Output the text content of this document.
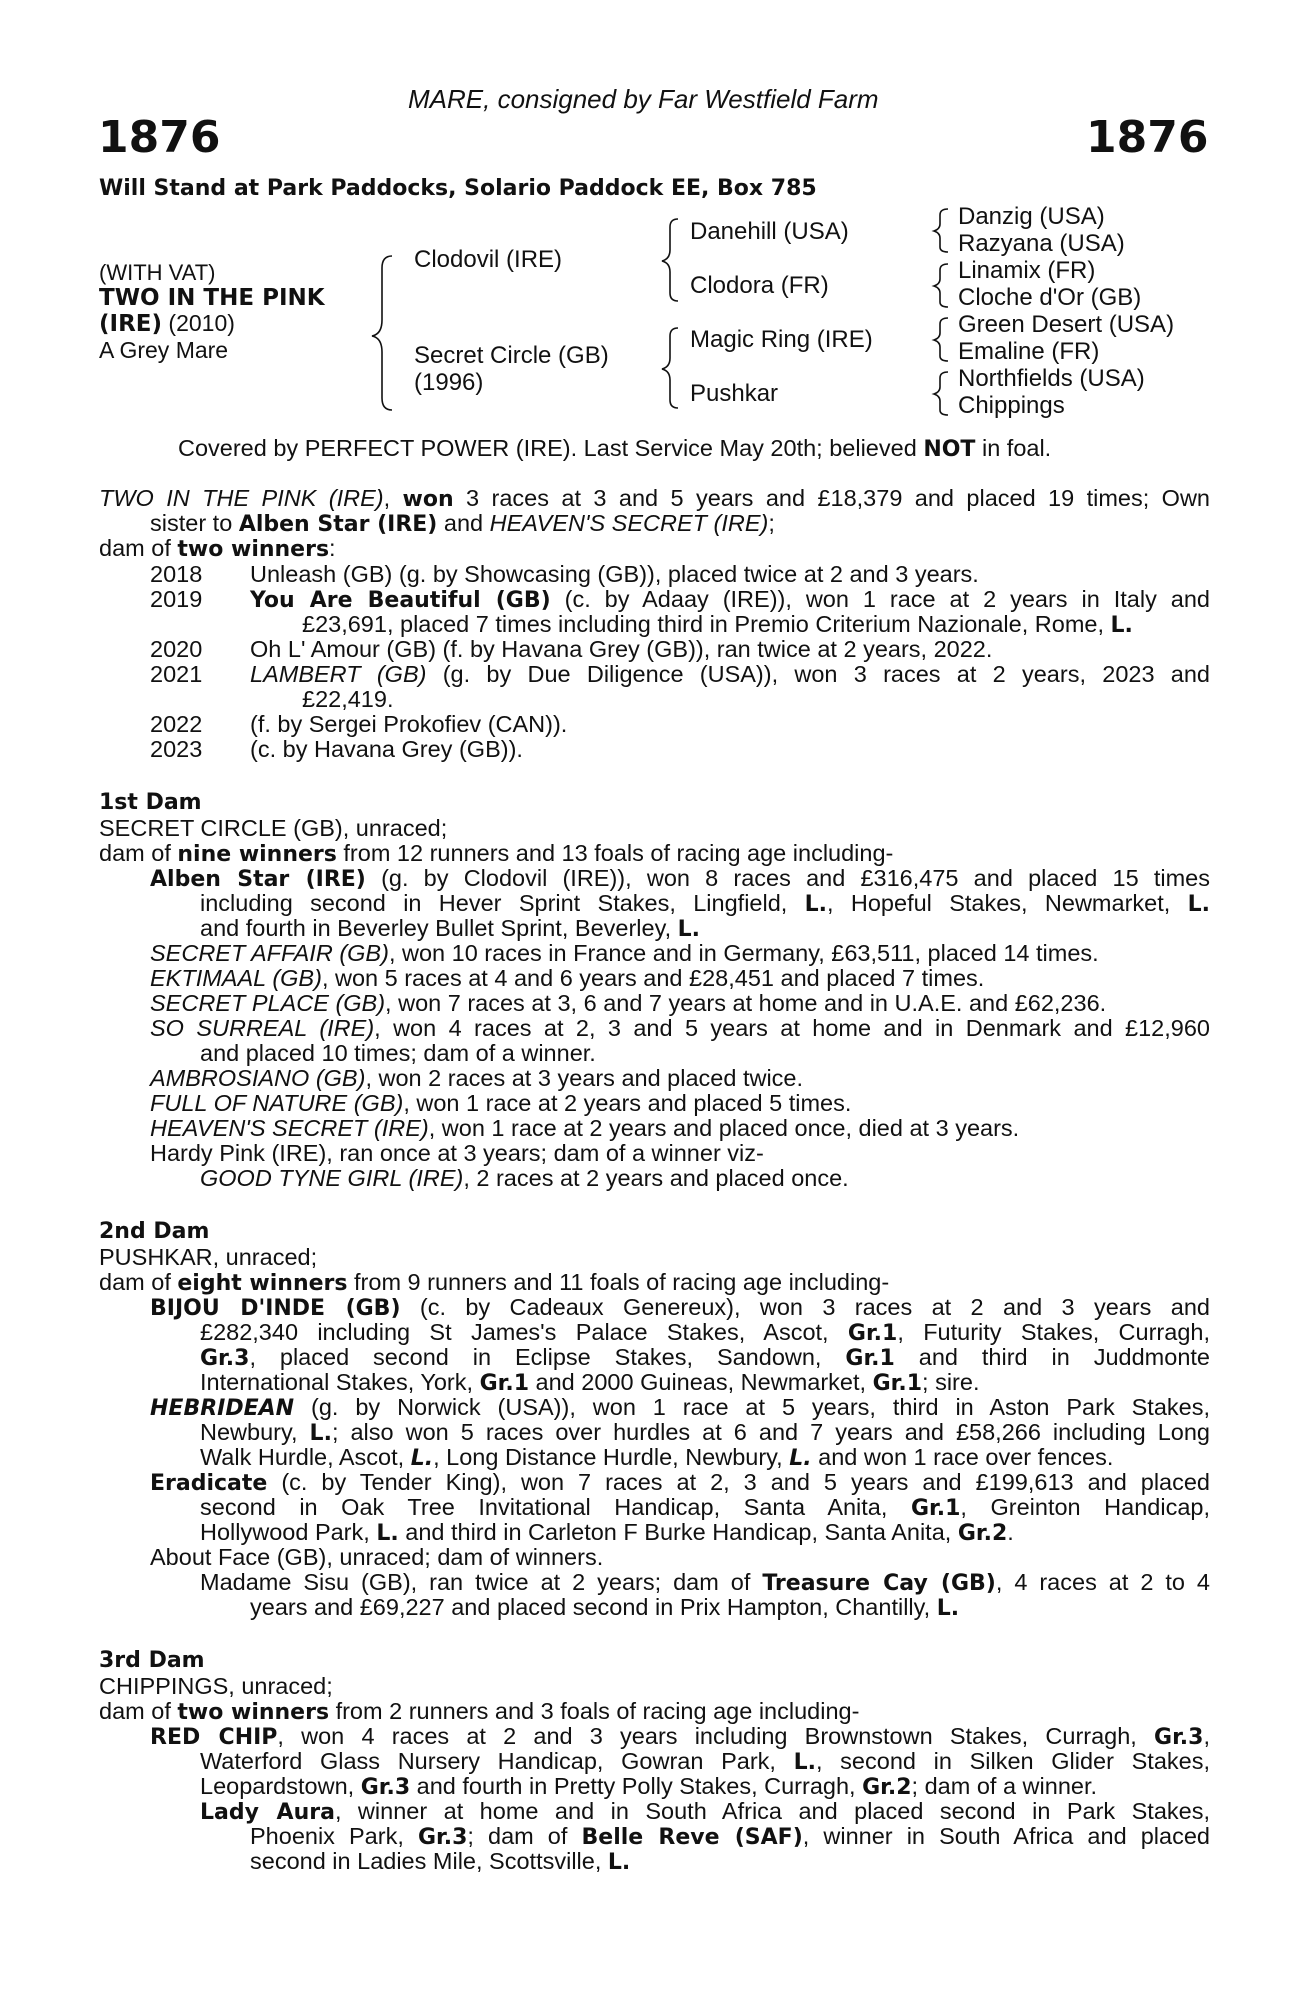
MARE, consigned by Far Westfield Farm
1876	1876
Will Stand at Park Paddocks, Solario Paddock EE, Box 785
(WITH VAT)
TWO IN THE PINK
(IRE) (2010)
A Grey Mare
Clodovil (IRE)
Secret Circle (GB)
(1996)
Danehill (USA)
Clodora (FR)
Magic Ring (IRE)
Pushkar
Danzig (USA)
Razyana (USA)
Linamix (FR)
Cloche d'Or (GB)
Green Desert (USA)
Emaline (FR)
Northfields (USA)
Chippings
Covered by PERFECT POWER (IRE). Last Service May 20th; believed NOT in foal.
TWO IN THE PINK (IRE), won 3 races at 3 and 5 years and £18,379 and placed 19 times; Own
sister to Alben Star (IRE) and HEAVEN'S SECRET (IRE);
dam of two winners:
2018 Unleash (GB) (g. by Showcasing (GB)), placed twice at 2 and 3 years.
2019 You Are Beautiful (GB) (c. by Adaay (IRE)), won 1 race at 2 years in Italy and
£23,691, placed 7 times including third in Premio Criterium Nazionale, Rome, L.
2020 Oh L' Amour (GB) (f. by Havana Grey (GB)), ran twice at 2 years, 2022.
2021 LAMBERT (GB) (g. by Due Diligence (USA)), won 3 races at 2 years, 2023 and
£22,419.
2022 (f. by Sergei Prokofiev (CAN)).
2023 (c. by Havana Grey (GB)).
1st Dam
SECRET CIRCLE (GB), unraced;
dam of nine winners from 12 runners and 13 foals of racing age including-
Alben Star (IRE) (g. by Clodovil (IRE)), won 8 races and £316,475 and placed 15 times
including second in Hever Sprint Stakes, Lingfield, L., Hopeful Stakes, Newmarket, L.
and fourth in Beverley Bullet Sprint, Beverley, L.
SECRET AFFAIR (GB), won 10 races in France and in Germany, £63,511, placed 14 times.
EKTIMAAL (GB), won 5 races at 4 and 6 years and £28,451 and placed 7 times.
SECRET PLACE (GB), won 7 races at 3, 6 and 7 years at home and in U.A.E. and £62,236.
SO SURREAL (IRE), won 4 races at 2, 3 and 5 years at home and in Denmark and £12,960
and placed 10 times; dam of a winner.
AMBROSIANO (GB), won 2 races at 3 years and placed twice.
FULL OF NATURE (GB), won 1 race at 2 years and placed 5 times.
HEAVEN'S SECRET (IRE), won 1 race at 2 years and placed once, died at 3 years.
Hardy Pink (IRE), ran once at 3 years; dam of a winner viz-
GOOD TYNE GIRL (IRE), 2 races at 2 years and placed once.
2nd Dam
PUSHKAR, unraced;
dam of eight winners from 9 runners and 11 foals of racing age including-
BIJOU D'INDE (GB) (c. by Cadeaux Genereux), won 3 races at 2 and 3 years and
£282,340 including St James's Palace Stakes, Ascot, Gr.1, Futurity Stakes, Curragh,
Gr.3, placed second in Eclipse Stakes, Sandown, Gr.1 and third in Juddmonte
International Stakes, York, Gr.1 and 2000 Guineas, Newmarket, Gr.1; sire.
HEBRIDEAN (g. by Norwick (USA)), won 1 race at 5 years, third in Aston Park Stakes,
Newbury, L.; also won 5 races over hurdles at 6 and 7 years and £58,266 including Long
Walk Hurdle, Ascot, L., Long Distance Hurdle, Newbury, L. and won 1 race over fences.
Eradicate (c. by Tender King), won 7 races at 2, 3 and 5 years and £199,613 and placed
second in Oak Tree Invitational Handicap, Santa Anita, Gr.1, Greinton Handicap,
Hollywood Park, L. and third in Carleton F Burke Handicap, Santa Anita, Gr.2.
About Face (GB), unraced; dam of winners.
Madame Sisu (GB), ran twice at 2 years; dam of Treasure Cay (GB), 4 races at 2 to 4
years and £69,227 and placed second in Prix Hampton, Chantilly, L.
3rd Dam
CHIPPINGS, unraced;
dam of two winners from 2 runners and 3 foals of racing age including-
RED CHIP, won 4 races at 2 and 3 years including Brownstown Stakes, Curragh, Gr.3,
Waterford Glass Nursery Handicap, Gowran Park, L., second in Silken Glider Stakes,
Leopardstown, Gr.3 and fourth in Pretty Polly Stakes, Curragh, Gr.2; dam of a winner.
Lady Aura, winner at home and in South Africa and placed second in Park Stakes,
Phoenix Park, Gr.3; dam of Belle Reve (SAF), winner in South Africa and placed
second in Ladies Mile, Scottsville, L.
